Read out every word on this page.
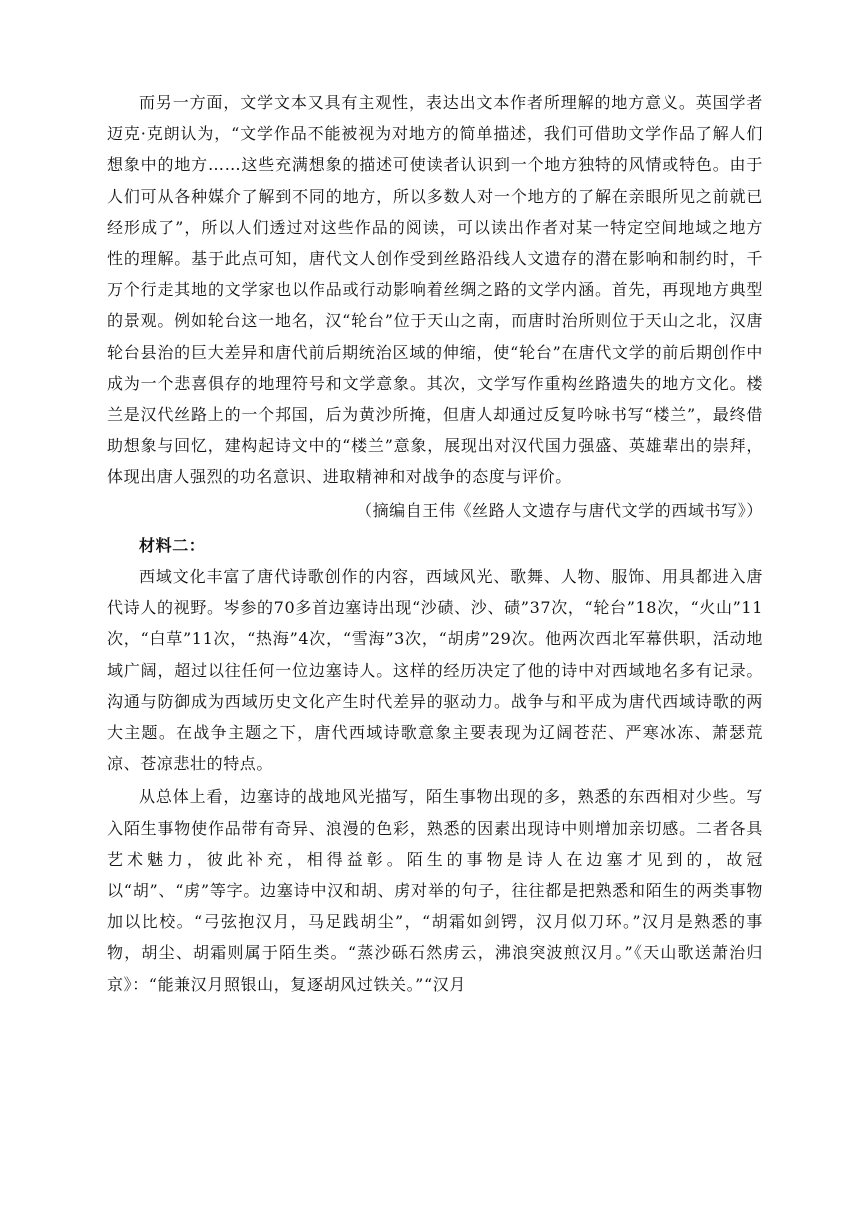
而另一方面，文学文本又具有主观性，表达出文本作者所理解的地方意义。英国学者迈克·克朗认为，“文学作品不能被视为对地方的简单描述，我们可借助文学作品了解人们想象中的地方……这些充满想象的描述可使读者认识到一个地方独特的风情或特色。由于人们可从各种媒介了解到不同的地方，所以多数人对一个地方的了解在亲眼所见之前就已经形成了”，所以人们透过对这些作品的阅读，可以读出作者对某一特定空间地域之地方性的理解。基于此点可知，唐代文人创作受到丝路沿线人文遗存的潜在影响和制约时，千万个行走其地的文学家也以作品或行动影响着丝绸之路的文学内涵。首先，再现地方典型的景观。例如轮台这一地名，汉“轮台”位于天山之南，而唐时治所则位于天山之北，汉唐轮台县治的巨大差异和唐代前后期统治区域的伸缩，使“轮台”在唐代文学的前后期创作中成为一个悲喜俱存的地理符号和文学意象。其次，文学写作重构丝路遗失的地方文化。楼兰是汉代丝路上的一个邦国，后为黄沙所掩，但唐人却通过反复吟咏书写“楼兰”，最终借助想象与回忆，建构起诗文中的“楼兰”意象，展现出对汉代国力强盛、英雄辈出的崇拜，体现出唐人强烈的功名意识、进取精神和对战争的态度与评价。

（摘编自王伟《丝路人文遗存与唐代文学的西域书写》）

材料二：

西域文化丰富了唐代诗歌创作的内容，西域风光、歌舞、人物、服饰、用具都进入唐代诗人的视野。岑参的70多首边塞诗出现“沙碛、沙、碛”37次，“轮台”18次，“火山”11次，“白草”11次，“热海”4次，“雪海”3次，“胡虏”29次。他两次西北军幕供职，活动地域广阔，超过以往任何一位边塞诗人。这样的经历决定了他的诗中对西域地名多有记录。沟通与防御成为西域历史文化产生时代差异的驱动力。战争与和平成为唐代西域诗歌的两大主题。在战争主题之下，唐代西域诗歌意象主要表现为辽阔苍茫、严寒冰冻、萧瑟荒凉、苍凉悲壮的特点。

从总体上看，边塞诗的战地风光描写，陌生事物出现的多，熟悉的东西相对少些。写入陌生事物使作品带有奇异、浪漫的色彩，熟悉的因素出现诗中则增加亲切感。二者各具艺术魅力，彼此补充，相得益彰。陌生的事物是诗人在边塞才见到的，故冠以“胡”、“虏”等字。边塞诗中汉和胡、虏对举的句子，往往都是把熟悉和陌生的两类事物加以比校。“弓弦抱汉月，马足践胡尘”，“胡霜如剑锷，汉月似刀环。”汉月是熟悉的事物，胡尘、胡霜则属于陌生类。“蒸沙砾石然虏云，沸浪突波煎汉月。”《天山歌送萧治归京》：“能兼汉月照银山，复逐胡风过铁关。”“汉月
